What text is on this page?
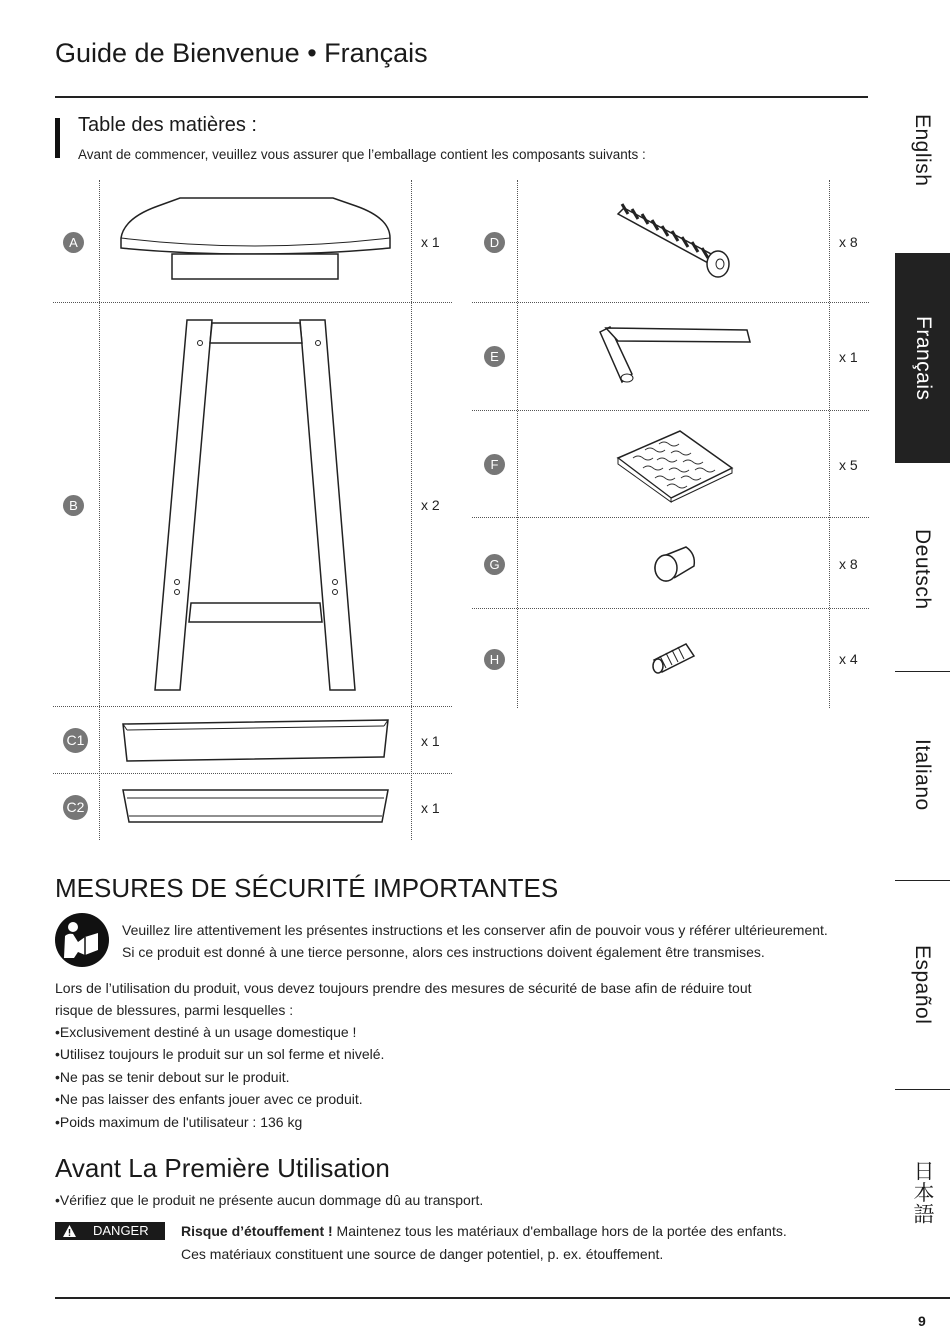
Guide de Bienvenue • Français
Table des matières :
Avant de commencer, veuillez vous assurer que l’emballage contient les composants suivants :
A	x 1
B	x 2
C1	x 1
C2	x 1
D	x 8
E	x 1
F	x 5
G	x 8
H	x 4
MESURES DE SÉCURITÉ IMPORTANTES
Veuillez lire attentivement les présentes instructions et les conserver afin de pouvoir vous y référer ultérieurement.
Si ce produit est donné à une tierce personne, alors ces instructions doivent également être transmises.
Lors de l’utilisation du produit, vous devez toujours prendre des mesures de sécurité de base afin de réduire tout
risque de blessures, parmi lesquelles :
• Exclusivement destiné à un usage domestique !
• Utilisez toujours le produit sur un sol ferme et nivelé.
• Ne pas se tenir debout sur le produit.
• Ne pas laisser des enfants jouer avec ce produit.
• Poids maximum de l'utilisateur : 136 kg
Avant La Première Utilisation
• Vérifiez que le produit ne présente aucun dommage dû au transport.
DANGER Risque d’étouffement ! Maintenez tous les matériaux d'emballage hors de la portée des enfants.
Ces matériaux constituent une source de danger potentiel, p. ex. étouffement.
9
English
Français
Deutsch
Italiano
Español
日本語
